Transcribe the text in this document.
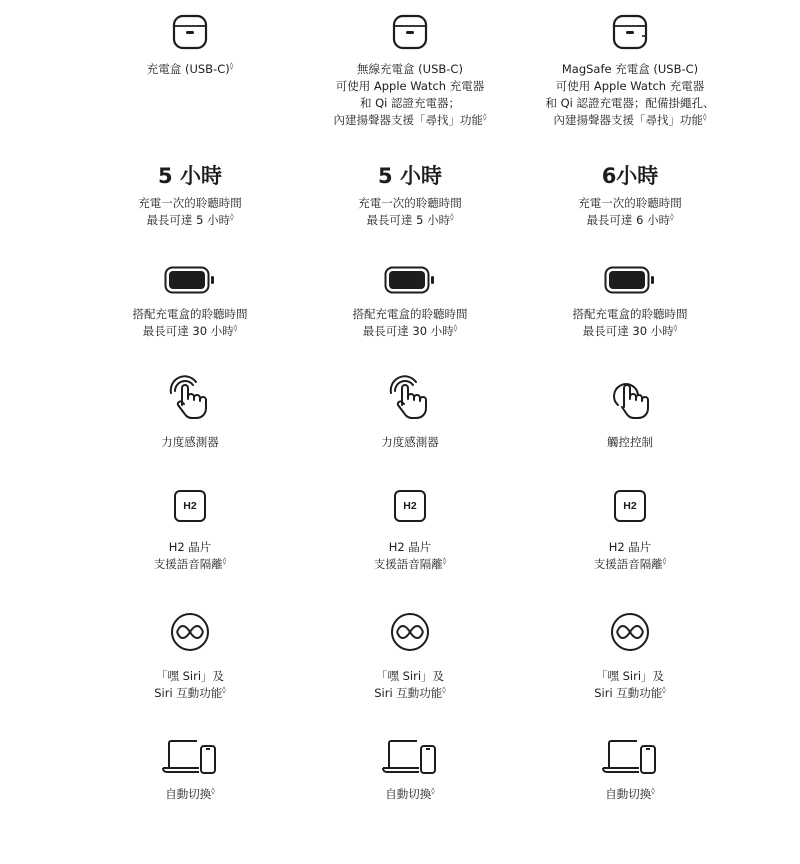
充電盒 (USB-C)◊
5 小時
充電一次的聆聽時間
最長可達 5 小時◊
搭配充電盒的聆聽時間
最長可達 30 小時◊
力度感測器
H2
H2 晶片
支援語音隔離◊
「嘿 Siri」及
Siri 互動功能◊
自動切換◊
無線充電盒 (USB-C)
可使用 Apple Watch 充電器
和 Qi 認證充電器；
內建揚聲器支援「尋找」功能◊
5 小時
充電一次的聆聽時間
最長可達 5 小時◊
搭配充電盒的聆聽時間
最長可達 30 小時◊
力度感測器
H2
H2 晶片
支援語音隔離◊
「嘿 Siri」及
Siri 互動功能◊
自動切換◊
MagSafe 充電盒 (USB-C)
可使用 Apple Watch 充電器
和 Qi 認證充電器；配備掛繩孔、
內建揚聲器支援「尋找」功能◊
6小時
充電一次的聆聽時間
最長可達 6 小時◊
搭配充電盒的聆聽時間
最長可達 30 小時◊
觸控控制
H2
H2 晶片
支援語音隔離◊
「嘿 Siri」及
Siri 互動功能◊
自動切換◊
